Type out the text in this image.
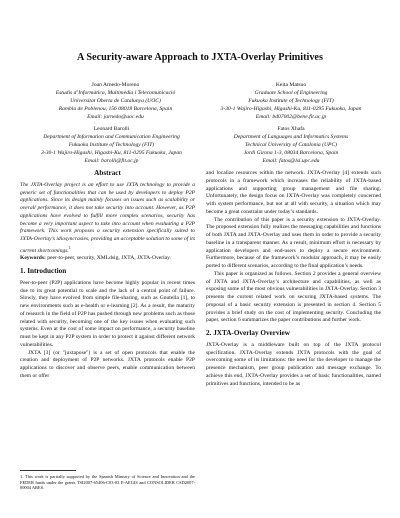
A Security-aware Approach to JXTA-Overlay Primitives
Joan Arnedo-Moreno
Estudis d’Informàtica, Multimèdia i Telecomunicació
Universitat Oberta de Catalunya (UOC)
Rambla de Poblenou, 156 08018 Barcelona, Spain
Email: jarnedo@uoc.edu
Keita Matsuo
Graduate School of Engineering
Fukuoka Institute of Technology (FIT)
3-30-1 Wajiro-Higashi, Higashi-Ku, 811-0295 Fukuoka, Japan
Email: bd07002@bene.fit.ac.jp
Leonard Barolli
Department of Information and Communication Engineering
Fukuoka Institute of Technology (FIT)
3-30-1 Wajiro-Higashi, Higashi-Ku, 811-0295 Fukuoka, Japan
Email: barolli@fit.ac.jp
Fatos Xhafa
Department of Languages and Informatics Systems
Technical University of Catalonia (UPC)
Jordi Girona 1-3, 08034 Barcelona, Spain
Email: fatos@lsi.upc.edu
Abstract

The JXTA-Overlay project is an effort to use JXTA technology to provide a generic set of functionalities that can be used by developers to deploy P2P applications. Since its design mainly focuses on issues such as scalability or overall performance, it does not take security into account. However, as P2P applications have evolved to fulfill more complex scenarios, security has become a very important aspect to take into account when evaluating a P2P framework. This work proposes a security extension specifically suited to JXTA-Overlay’s idiosyncrasies, providing an acceptable solution to some of its current shortcomings.$^1$

Keywords: peer-to-peer, security, XMLdsig, JXTA, JXTA-Overlay.

1. Introduction

Peer-to-peer (P2P) applications have become highly popular in recent times due to its great potential to scale and the lack of a central point of failure. Slowly, they have evolved from simple file-sharing, such as Gnutella [1], to new environments such as e-health or e-learning [2]. As a result, the maturity of research in the field of P2P has pushed through new problems such as those related with security, becoming one of the key issues when evaluating such systems. Even at the cost of some impact on performance, a security baseline must be kept in any P2P system in order to protect it against different network vulnerabilities.

JXTA [3] (or "juxtapose") is a set of open protocols that enable the creation and deployment of P2P networks. JXTA protocols enable P2P applications to discover and observe peers, enable communication between them or offer

and localize resources within the network. JXTA-Overlay [4] extends such protocols in a framework which increases the reliability of JXTA-based applications and supporting group management and file sharing. Unfortunately, the design focus on JXTA-Overlay was completely concerned with system performance, but not at all with security, a situation which may become a great constraint under today’s standards.

The contribution of this paper is a security extension to JXTA-Overlay. The proposed extension fully realizes the messaging capabilities and functions of both JXTA and JXTA-Overlay and uses them in order to provide a security baseline in a transparent manner. As a result, minimum effort is necessary by application developers and end-users to deploy a secure environment. Furthermore, because of the framework’s modular approach, it may be easily ported to different scenarios, according to the final application’s needs.

This paper is organized as follows. Section 2 provides a general overview of JXTA and JXTA-Overlay’s architecture and capabilities, as well as exposing some of the most obvious vulnerabilities in JXTA-Overlay. Section 3 presents the current related work on securing JXTA-based systems. The proposal of a basic security extension is presented in section 4. Section 5 provides a brief study on the cost of implementing security. Concluding the paper, section 6 summarizes the paper contributions and further work.

2. JXTA-Overlay Overview

JXTA-Overlay is a middleware built on top of the JXTA protocol specification. JXTA-Overlay extends JXTA protocols with the goal of overcoming some of its limitations: the need for the developer to manage the presence mechanism, peer group publication and message exchange. To achieve this end, JXTA-Overlay provides a set of basic functionalities, named primitives and functions, intended to be as

1. This work is partially supported by the Spanish Ministry of Science and Innovation and the FEDER funds under the grants TSI2007-65406-C03-03 E-AEGIS and CONSOLIDER CSD2007-00004 ARES.
